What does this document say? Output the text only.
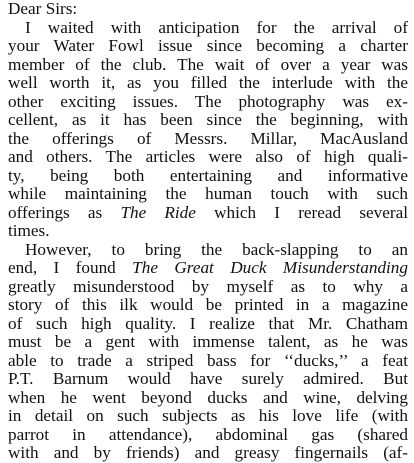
Dear Sirs:
I waited with anticipation for the arrival of
your Water Fowl issue since becoming a charter
member of the club. The wait of over a year was
well worth it, as you filled the interlude with the
other exciting issues. The photography was ex-
cellent, as it has been since the beginning, with
the offerings of Messrs. Millar, MacAusland
and others. The articles were also of high quali-
ty, being both entertaining and informative
while maintaining the human touch with such
offerings as The Ride which I reread several
times.
However, to bring the back-slapping to an
end, I found The Great Duck Misunderstanding
greatly misunderstood by myself as to why a
story of this ilk would be printed in a magazine
of such high quality. I realize that Mr. Chatham
must be a gent with immense talent, as he was
able to trade a striped bass for ‘‘ducks,’’ a feat
P.T. Barnum would have surely admired. But
when he went beyond ducks and wine, delving
in detail on such subjects as his love life (with
parrot in attendance), abdominal gas (shared
with and by friends) and greasy fingernails (af-
